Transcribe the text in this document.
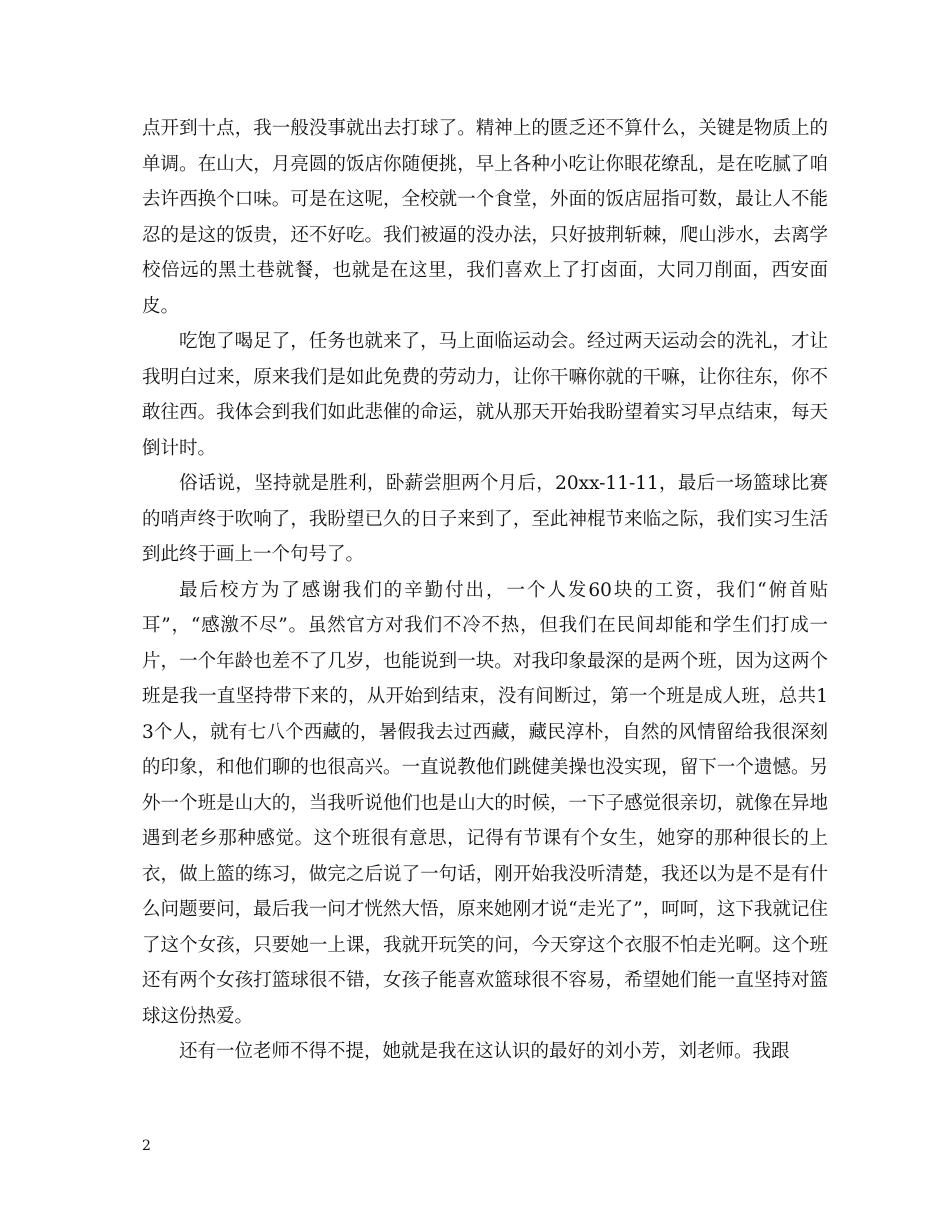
点开到十点，我一般没事就出去打球了。精神上的匮乏还不算什么，关键是物质上的单调。在山大，月亮圆的饭店你随便挑，早上各种小吃让你眼花缭乱，是在吃腻了咱去许西换个口味。可是在这呢，全校就一个食堂，外面的饭店屈指可数，最让人不能忍的是这的饭贵，还不好吃。我们被逼的没办法，只好披荆斩棘，爬山涉水，去离学校倍远的黑土巷就餐，也就是在这里，我们喜欢上了打卤面，大同刀削面，西安面皮。

吃饱了喝足了，任务也就来了，马上面临运动会。经过两天运动会的洗礼，才让我明白过来，原来我们是如此免费的劳动力，让你干嘛你就的干嘛，让你往东，你不敢往西。我体会到我们如此悲催的命运，就从那天开始我盼望着实习早点结束，每天倒计时。

俗话说，坚持就是胜利，卧薪尝胆两个月后，20xx-11-11，最后一场篮球比赛的哨声终于吹响了，我盼望已久的日子来到了，至此神棍节来临之际，我们实习生活到此终于画上一个句号了。

最后校方为了感谢我们的辛勤付出，一个人发60块的工资，我们“俯首贴耳”，“感激不尽”。虽然官方对我们不冷不热，但我们在民间却能和学生们打成一片，一个年龄也差不了几岁，也能说到一块。对我印象最深的是两个班，因为这两个班是我一直坚持带下来的，从开始到结束，没有间断过，第一个班是成人班，总共13个人，就有七八个西藏的，暑假我去过西藏，藏民淳朴，自然的风情留给我很深刻的印象，和他们聊的也很高兴。一直说教他们跳健美操也没实现，留下一个遗憾。另外一个班是山大的，当我听说他们也是山大的时候，一下子感觉很亲切，就像在异地遇到老乡那种感觉。这个班很有意思，记得有节课有个女生，她穿的那种很长的上衣，做上篮的练习，做完之后说了一句话，刚开始我没听清楚，我还以为是不是有什么问题要问，最后我一问才恍然大悟，原来她刚才说“走光了”，呵呵，这下我就记住了这个女孩，只要她一上课，我就开玩笑的问，今天穿这个衣服不怕走光啊。这个班还有两个女孩打篮球很不错，女孩子能喜欢篮球很不容易，希望她们能一直坚持对篮球这份热爱。

还有一位老师不得不提，她就是我在这认识的最好的刘小芳，刘老师。我跟

2
